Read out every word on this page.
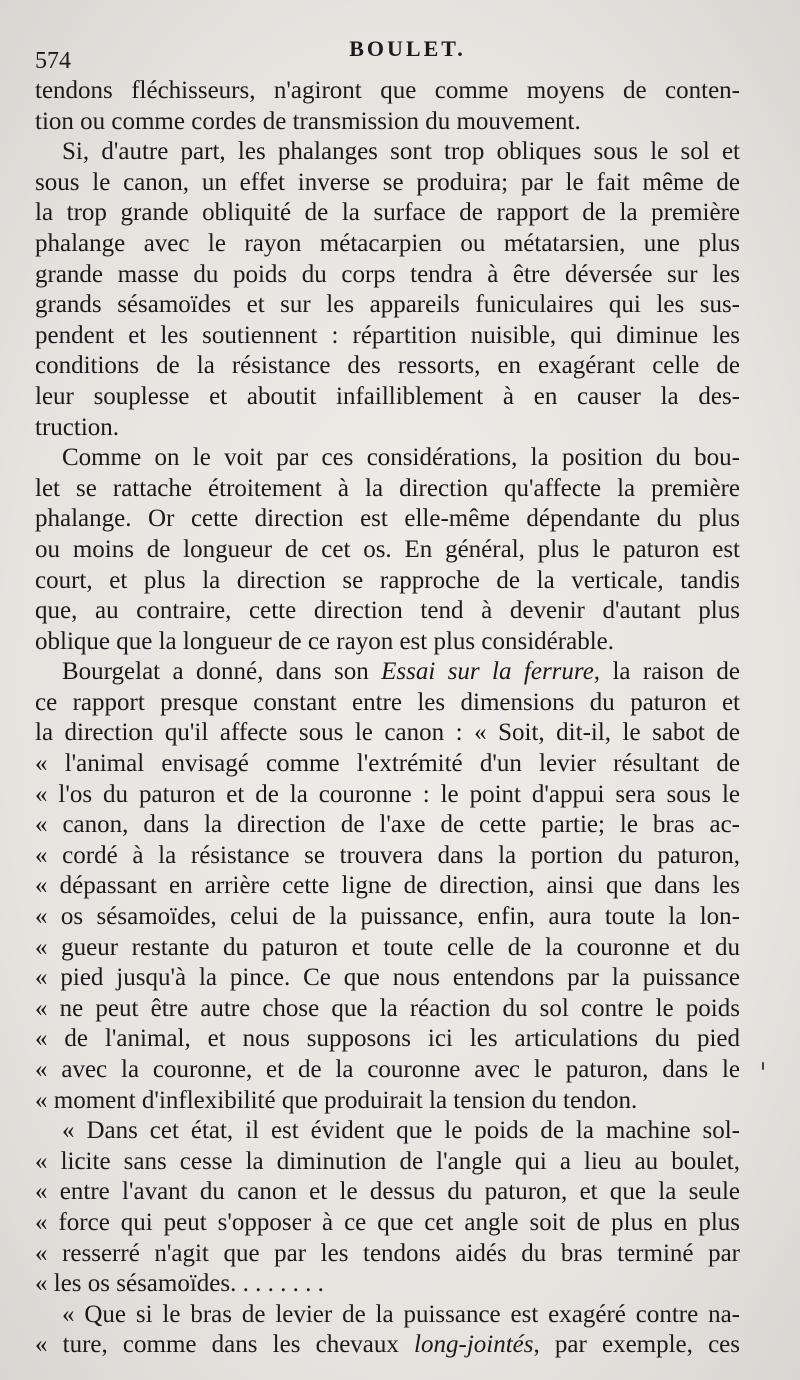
574	BOULET.
tendons fléchisseurs, n'agiront que comme moyens de conten-
tion ou comme cordes de transmission du mouvement.
Si, d'autre part, les phalanges sont trop obliques sous le sol et
sous le canon, un effet inverse se produira; par le fait même de
la trop grande obliquité de la surface de rapport de la première
phalange avec le rayon métacarpien ou métatarsien, une plus
grande masse du poids du corps tendra à être déversée sur les
grands sésamoïdes et sur les appareils funiculaires qui les sus-
pendent et les soutiennent : répartition nuisible, qui diminue les
conditions de la résistance des ressorts, en exagérant celle de
leur souplesse et aboutit infailliblement à en causer la des-
truction.
Comme on le voit par ces considérations, la position du bou-
let se rattache étroitement à la direction qu'affecte la première
phalange. Or cette direction est elle-même dépendante du plus
ou moins de longueur de cet os. En général, plus le paturon est
court, et plus la direction se rapproche de la verticale, tandis
que, au contraire, cette direction tend à devenir d'autant plus
oblique que la longueur de ce rayon est plus considérable.
Bourgelat a donné, dans son Essai sur la ferrure, la raison de
ce rapport presque constant entre les dimensions du paturon et
la direction qu'il affecte sous le canon : « Soit, dit-il, le sabot de
« l'animal envisagé comme l'extrémité d'un levier résultant de
« l'os du paturon et de la couronne : le point d'appui sera sous le
« canon, dans la direction de l'axe de cette partie; le bras ac-
« cordé à la résistance se trouvera dans la portion du paturon,
« dépassant en arrière cette ligne de direction, ainsi que dans les
« os sésamoïdes, celui de la puissance, enfin, aura toute la lon-
« gueur restante du paturon et toute celle de la couronne et du
« pied jusqu'à la pince. Ce que nous entendons par la puissance
« ne peut être autre chose que la réaction du sol contre le poids
« de l'animal, et nous supposons ici les articulations du pied
« avec la couronne, et de la couronne avec le paturon, dans le
« moment d'inflexibilité que produirait la tension du tendon.
« Dans cet état, il est évident que le poids de la machine sol-
« licite sans cesse la diminution de l'angle qui a lieu au boulet,
« entre l'avant du canon et le dessus du paturon, et que la seule
« force qui peut s'opposer à ce que cet angle soit de plus en plus
« resserré n'agit que par les tendons aidés du bras terminé par
« les os sésamoïdes. . . . . . . .
« Que si le bras de levier de la puissance est exagéré contre na-
« ture, comme dans les chevaux long-jointés, par exemple, ces
